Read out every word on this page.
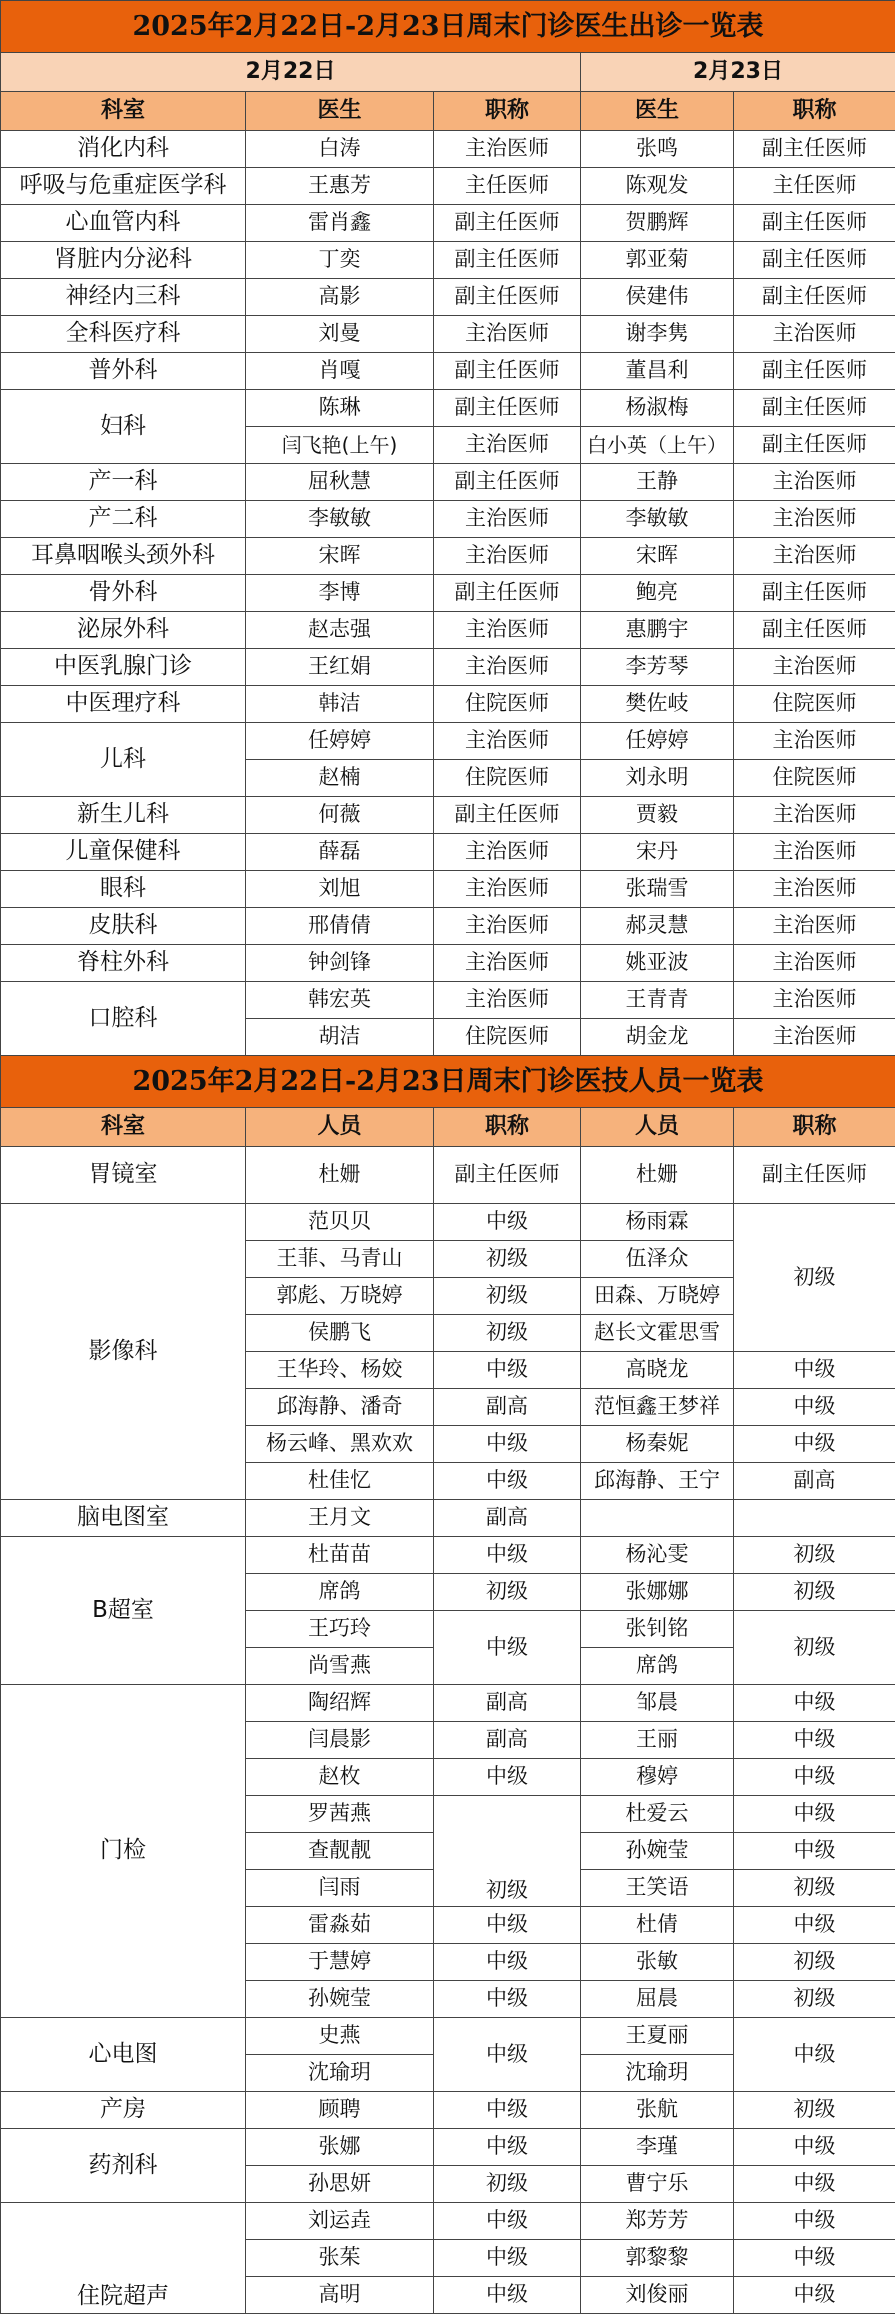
2025年2月22日-2月23日周末门诊医生出诊一览表				
2月22日			2月23日	
科室	医生	职称	医生	职称
消化内科	白涛	主治医师	张鸣	副主任医师
呼吸与危重症医学科	王惠芳	主任医师	陈观发	主任医师
心血管内科	雷肖鑫	副主任医师	贺鹏辉	副主任医师
肾脏内分泌科	丁奕	副主任医师	郭亚菊	副主任医师
神经内三科	高影	副主任医师	侯建伟	副主任医师
全科医疗科	刘曼	主治医师	谢李隽	主治医师
普外科	肖嘎	副主任医师	董昌利	副主任医师
妇科	陈琳	副主任医师	杨淑梅	副主任医师
	闫飞艳(上午)	主治医师	白小英（上午）	副主任医师
产一科	屈秋慧	副主任医师	王静	主治医师
产二科	李敏敏	主治医师	李敏敏	主治医师
耳鼻咽喉头颈外科	宋晖	主治医师	宋晖	主治医师
骨外科	李博	副主任医师	鲍亮	副主任医师
泌尿外科	赵志强	主治医师	惠鹏宇	副主任医师
中医乳腺门诊	王红娟	主治医师	李芳琴	主治医师
中医理疗科	韩洁	住院医师	樊佐岐	住院医师
儿科	任婷婷	主治医师	任婷婷	主治医师
	赵楠	住院医师	刘永明	住院医师
新生儿科	何薇	副主任医师	贾毅	主治医师
儿童保健科	薛磊	主治医师	宋丹	主治医师
眼科	刘旭	主治医师	张瑞雪	主治医师
皮肤科	邢倩倩	主治医师	郝灵慧	主治医师
脊柱外科	钟剑锋	主治医师	姚亚波	主治医师
口腔科	韩宏英	主治医师	王青青	主治医师
	胡洁	住院医师	胡金龙	主治医师
2025年2月22日-2月23日周末门诊医技人员一览表				
科室	人员	职称	人员	职称
胃镜室	杜姗	副主任医师	杜姗	副主任医师
影像科	范贝贝	中级	杨雨霖	初级
	王菲、马青山	初级	伍泽众	
	郭彪、万晓婷	初级	田森、万晓婷	
	侯鹏飞	初级	赵长文霍思雪	
	王华玲、杨姣	中级	高晓龙	中级
	邱海静、潘奇	副高	范恒鑫王梦祥	中级
	杨云峰、黑欢欢	中级	杨秦妮	中级
	杜佳忆	中级	邱海静、王宁	副高
脑电图室	王月文	副高		
B超室	杜苗苗	中级	杨沁雯	初级
	席鸽	初级	张娜娜	初级
	王巧玲	中级	张钊铭	初级
	尚雪燕		席鸽	
门检	陶绍辉	副高	邹晨	中级
	闫晨影	副高	王丽	中级
	赵枚	中级	穆婷	中级
	罗茜燕	初级	杜爱云	中级
	查靓靓		孙婉莹	中级
	闫雨		王笑语	初级
	雷淼茹	中级	杜倩	中级
	于慧婷	中级	张敏	初级
	孙婉莹	中级	屈晨	初级
心电图	史燕	中级	王夏丽	中级
	沈瑜玥		沈瑜玥	
产房	顾聘	中级	张航	初级
药剂科	张娜	中级	李瑾	中级
	孙思妍	初级	曹宁乐	中级
住院超声	刘运垚	中级	郑芳芳	中级
	张茱	中级	郭黎黎	中级
	高明	中级	刘俊丽	中级
